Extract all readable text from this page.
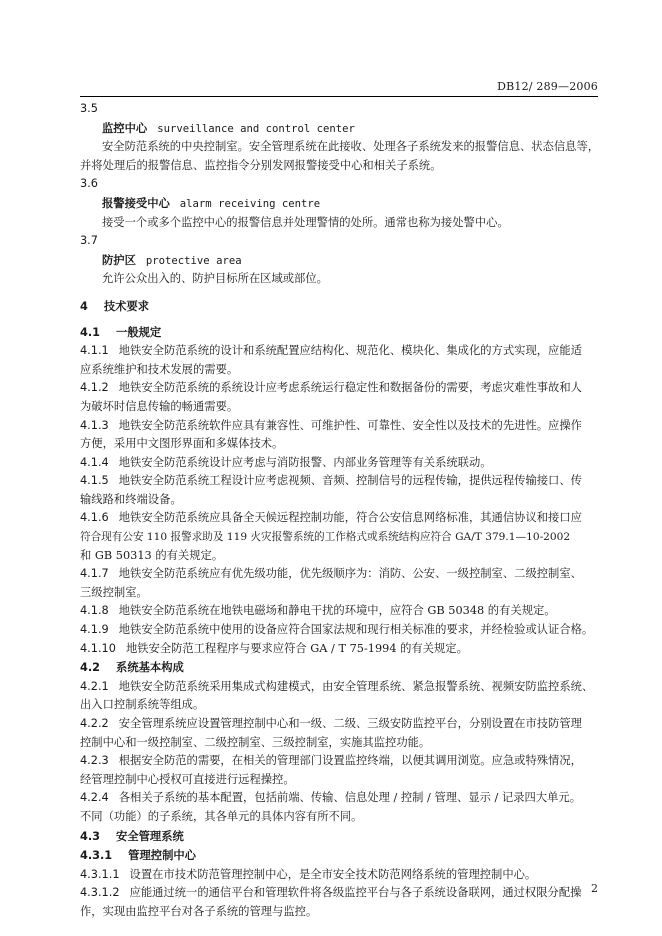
DB12/ 289—2006
3.5
监控中心 surveillance and control center
安全防范系统的中央控制室。安全管理系统在此接收、处理各子系统发来的报警信息、状态信息等，
并将处理后的报警信息、监控指令分别发网报警接受中心和相关子系统。
3.6
报警接受中心 alarm receiving centre
接受一个或多个监控中心的报警信息并处理警情的处所。通常也称为接处警中心。
3.7
防护区 protective area
允许公众出入的、防护目标所在区域或部位。
4 技术要求
4.1 一般规定
4.1.1 地铁安全防范系统的设计和系统配置应结构化、规范化、模块化、集成化的方式实现，应能适
应系统维护和技术发展的需要。
4.1.2 地铁安全防范系统的系统设计应考虑系统运行稳定性和数据备份的需要，考虑灾难性事故和人
为破坏时信息传输的畅通需要。
4.1.3 地铁安全防范系统软件应具有兼容性、可维护性、可靠性、安全性以及技术的先进性。应操作
方便，采用中文图形界面和多媒体技术。
4.1.4 地铁安全防范系统设计应考虑与消防报警、内部业务管理等有关系统联动。
4.1.5 地铁安全防范系统工程设计应考虑视频、音频、控制信号的远程传输，提供远程传输接口、传
输线路和终端设备。
4.1.6 地铁安全防范系统应具备全天候远程控制功能，符合公安信息网络标准，其通信协议和接口应
符合现有公安 110 报警求助及 119 火灾报警系统的工作格式或系统结构应符合 GA/T 379.1—10-2002
和 GB 50313 的有关规定。
4.1.7 地铁安全防范系统应有优先级功能，优先级顺序为：消防、公安、一级控制室、二级控制室、
三级控制室。
4.1.8 地铁安全防范系统在地铁电磁场和静电干扰的环境中，应符合 GB 50348 的有关规定。
4.1.9 地铁安全防范系统中使用的设备应符合国家法规和现行相关标准的要求，并经检验或认证合格。
4.1.10 地铁安全防范工程程序与要求应符合 GA / T 75-1994 的有关规定。
4.2 系统基本构成
4.2.1 地铁安全防范系统采用集成式构建模式，由安全管理系统、紧急报警系统、视频安防监控系统、
出入口控制系统等组成。
4.2.2 安全管理系统应设置管理控制中心和一级、二级、三级安防监控平台，分别设置在市技防管理
控制中心和一级控制室、二级控制室、三级控制室，实施其监控功能。
4.2.3 根据安全防范的需要，在相关的管理部门设置监控终端，以便其调用浏览。应急或特殊情况，
经管理控制中心授权可直接进行远程操控。
4.2.4 各相关子系统的基本配置，包括前端、传输、信息处理 / 控制 / 管理、显示 / 记录四大单元。
不同（功能）的子系统，其各单元的具体内容有所不同。
4.3 安全管理系统
4.3.1 管理控制中心
4.3.1.1 设置在市技术防范管理控制中心，是全市安全技术防范网络系统的管理控制中心。
4.3.1.2 应能通过统一的通信平台和管理软件将各级监控平台与各子系统设备联网，通过权限分配操
作，实现由监控平台对各子系统的管理与监控。
2
